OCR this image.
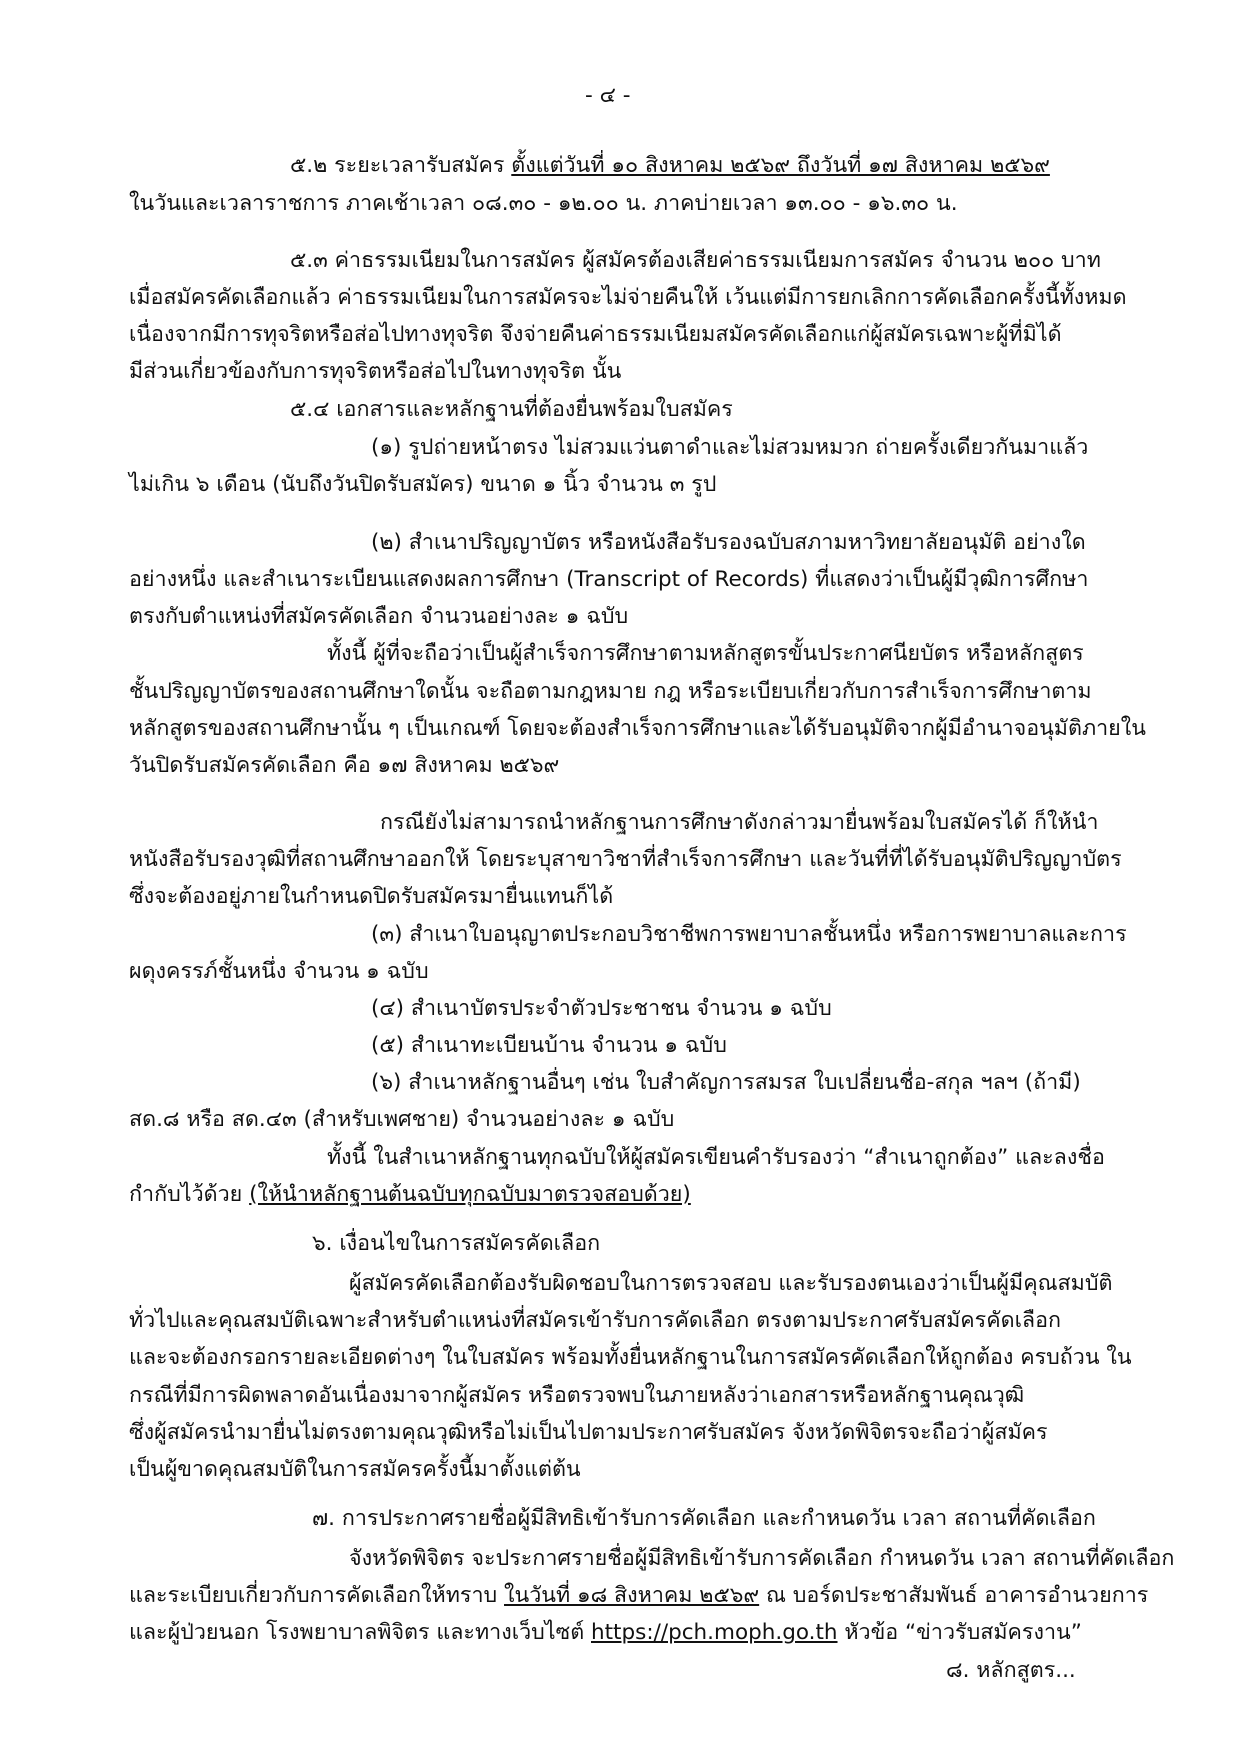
- ๔ -
๕.๒ ระยะเวลารับสมัคร ตั้งแต่วันที่ ๑๐ สิงหาคม ๒๕๖๙ ถึงวันที่ ๑๗ สิงหาคม ๒๕๖๙
ในวันและเวลาราชการ ภาคเช้าเวลา ๐๘.๓๐ - ๑๒.๐๐ น. ภาคบ่ายเวลา ๑๓.๐๐ - ๑๖.๓๐ น.
๕.๓ ค่าธรรมเนียมในการสมัคร ผู้สมัครต้องเสียค่าธรรมเนียมการสมัคร จำนวน ๒๐๐ บาท
เมื่อสมัครคัดเลือกแล้ว ค่าธรรมเนียมในการสมัครจะไม่จ่ายคืนให้ เว้นแต่มีการยกเลิกการคัดเลือกครั้งนี้ทั้งหมด
เนื่องจากมีการทุจริตหรือส่อไปทางทุจริต จึงจ่ายคืนค่าธรรมเนียมสมัครคัดเลือกแก่ผู้สมัครเฉพาะผู้ที่มิได้
มีส่วนเกี่ยวข้องกับการทุจริตหรือส่อไปในทางทุจริต นั้น
๕.๔ เอกสารและหลักฐานที่ต้องยื่นพร้อมใบสมัคร
(๑) รูปถ่ายหน้าตรง ไม่สวมแว่นตาดำและไม่สวมหมวก ถ่ายครั้งเดียวกันมาแล้ว
ไม่เกิน ๖ เดือน (นับถึงวันปิดรับสมัคร) ขนาด ๑ นิ้ว จำนวน ๓ รูป
(๒) สำเนาปริญญาบัตร หรือหนังสือรับรองฉบับสภามหาวิทยาลัยอนุมัติ อย่างใด
อย่างหนึ่ง และสำเนาระเบียนแสดงผลการศึกษา (Transcript of Records) ที่แสดงว่าเป็นผู้มีวุฒิการศึกษา
ตรงกับตำแหน่งที่สมัครคัดเลือก จำนวนอย่างละ ๑ ฉบับ
ทั้งนี้ ผู้ที่จะถือว่าเป็นผู้สำเร็จการศึกษาตามหลักสูตรขั้นประกาศนียบัตร หรือหลักสูตร
ชั้นปริญญาบัตรของสถานศึกษาใดนั้น จะถือตามกฎหมาย กฎ หรือระเบียบเกี่ยวกับการสำเร็จการศึกษาตาม
หลักสูตรของสถานศึกษานั้น ๆ เป็นเกณฑ์ โดยจะต้องสำเร็จการศึกษาและได้รับอนุมัติจากผู้มีอำนาจอนุมัติภายใน
วันปิดรับสมัครคัดเลือก คือ ๑๗ สิงหาคม ๒๕๖๙
กรณียังไม่สามารถนำหลักฐานการศึกษาดังกล่าวมายื่นพร้อมใบสมัครได้ ก็ให้นำ
หนังสือรับรองวุฒิที่สถานศึกษาออกให้ โดยระบุสาขาวิชาที่สำเร็จการศึกษา และวันที่ที่ได้รับอนุมัติปริญญาบัตร
ซึ่งจะต้องอยู่ภายในกำหนดปิดรับสมัครมายื่นแทนก็ได้
(๓) สำเนาใบอนุญาตประกอบวิชาชีพการพยาบาลชั้นหนึ่ง หรือการพยาบาลและการ
ผดุงครรภ์ชั้นหนึ่ง จำนวน ๑ ฉบับ
(๔) สำเนาบัตรประจำตัวประชาชน จำนวน ๑ ฉบับ
(๕) สำเนาทะเบียนบ้าน จำนวน ๑ ฉบับ
(๖) สำเนาหลักฐานอื่นๆ เช่น ใบสำคัญการสมรส ใบเปลี่ยนชื่อ-สกุล ฯลฯ (ถ้ามี)
สด.๘ หรือ สด.๔๓ (สำหรับเพศชาย) จำนวนอย่างละ ๑ ฉบับ
ทั้งนี้ ในสำเนาหลักฐานทุกฉบับให้ผู้สมัครเขียนคำรับรองว่า “สำเนาถูกต้อง” และลงชื่อ
กำกับไว้ด้วย (ให้นำหลักฐานต้นฉบับทุกฉบับมาตรวจสอบด้วย)
๖. เงื่อนไขในการสมัครคัดเลือก
ผู้สมัครคัดเลือกต้องรับผิดชอบในการตรวจสอบ และรับรองตนเองว่าเป็นผู้มีคุณสมบัติ
ทั่วไปและคุณสมบัติเฉพาะสำหรับตำแหน่งที่สมัครเข้ารับการคัดเลือก ตรงตามประกาศรับสมัครคัดเลือก
และจะต้องกรอกรายละเอียดต่างๆ ในใบสมัคร พร้อมทั้งยื่นหลักฐานในการสมัครคัดเลือกให้ถูกต้อง ครบถ้วน ใน
กรณีที่มีการผิดพลาดอันเนื่องมาจากผู้สมัคร หรือตรวจพบในภายหลังว่าเอกสารหรือหลักฐานคุณวุฒิ
ซึ่งผู้สมัครนำมายื่นไม่ตรงตามคุณวุฒิหรือไม่เป็นไปตามประกาศรับสมัคร จังหวัดพิจิตรจะถือว่าผู้สมัคร
เป็นผู้ขาดคุณสมบัติในการสมัครครั้งนี้มาตั้งแต่ต้น
๗. การประกาศรายชื่อผู้มีสิทธิเข้ารับการคัดเลือก และกำหนดวัน เวลา สถานที่คัดเลือก
จังหวัดพิจิตร จะประกาศรายชื่อผู้มีสิทธิเข้ารับการคัดเลือก กำหนดวัน เวลา สถานที่คัดเลือก
และระเบียบเกี่ยวกับการคัดเลือกให้ทราบ ในวันที่ ๑๘ สิงหาคม ๒๕๖๙ ณ บอร์ดประชาสัมพันธ์ อาคารอำนวยการ
และผู้ป่วยนอก โรงพยาบาลพิจิตร และทางเว็บไซต์ https://pch.moph.go.th หัวข้อ “ข่าวรับสมัครงาน”
๘. หลักสูตร...
